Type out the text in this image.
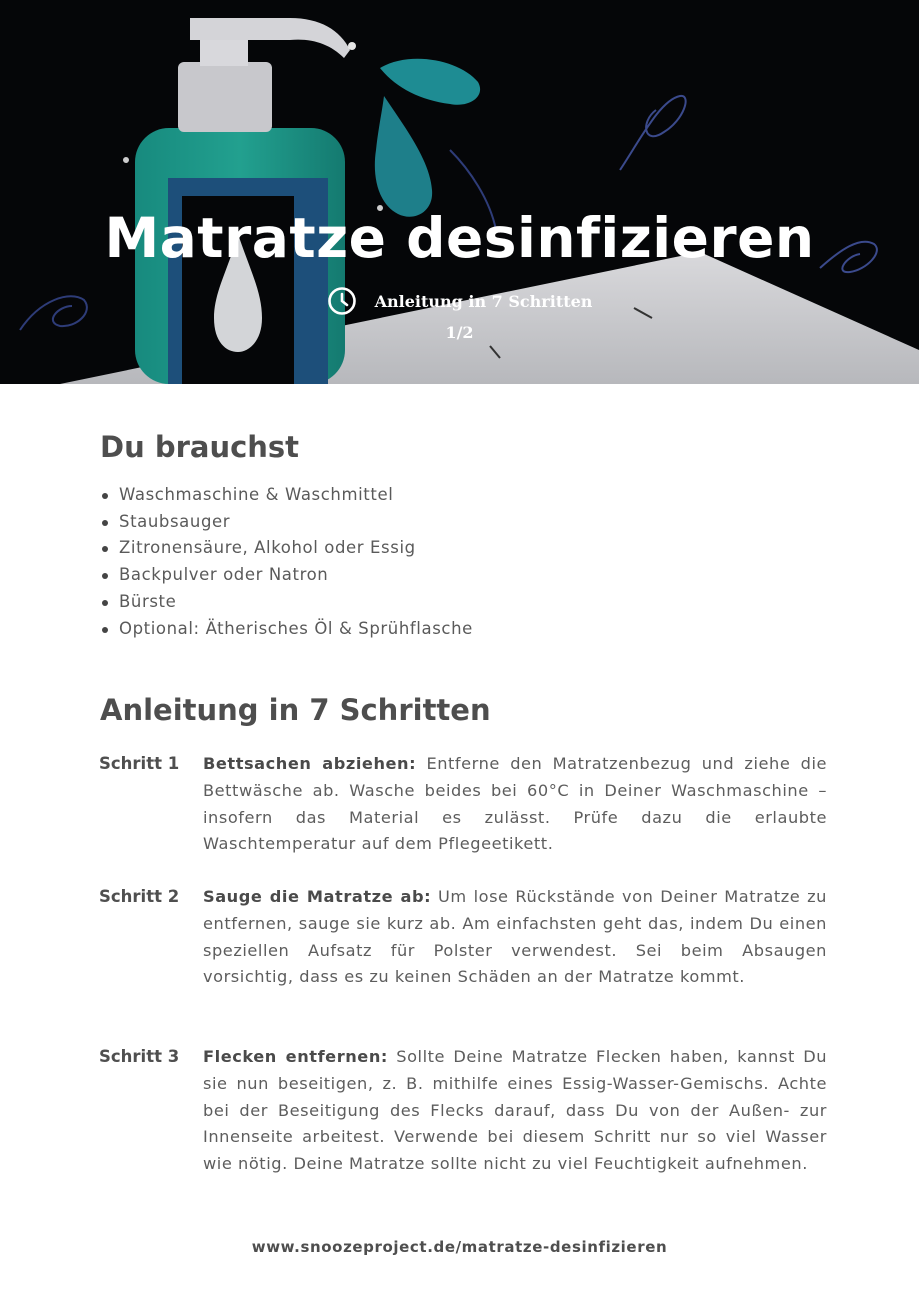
Matratze desinfizieren
Anleitung in 7 Schritten
1/2
Du brauchst
Waschmaschine & Waschmittel
Staubsauger
Zitronensäure, Alkohol oder Essig
Backpulver oder Natron
Bürste
Optional: Ätherisches Öl & Sprühflasche
Anleitung in 7 Schritten
Schritt 1 Bettsachen abziehen: Entferne den Matratzenbezug und ziehe die Bettwäsche ab. Wasche beides bei 60°C in Deiner Waschmaschine – insofern das Material es zulässt. Prüfe dazu die erlaubte Waschtemperatur auf dem Pflegeetikett.

Schritt 2 Sauge die Matratze ab: Um lose Rückstände von Deiner Matratze zu entfernen, sauge sie kurz ab. Am einfachsten geht das, indem Du einen speziellen Aufsatz für Polster verwendest. Sei beim Absaugen vorsichtig, dass es zu keinen Schäden an der Matratze kommt.

Schritt 3 Flecken entfernen: Sollte Deine Matratze Flecken haben, kannst Du sie nun beseitigen, z. B. mithilfe eines Essig-Wasser-Gemischs. Achte bei der Beseitigung des Flecks darauf, dass Du von der Außen- zur Innenseite arbeitest. Verwende bei diesem Schritt nur so viel Wasser wie nötig. Deine Matratze sollte nicht zu viel Feuchtigkeit aufnehmen.

www.snoozeproject.de/matratze-desinfizieren
